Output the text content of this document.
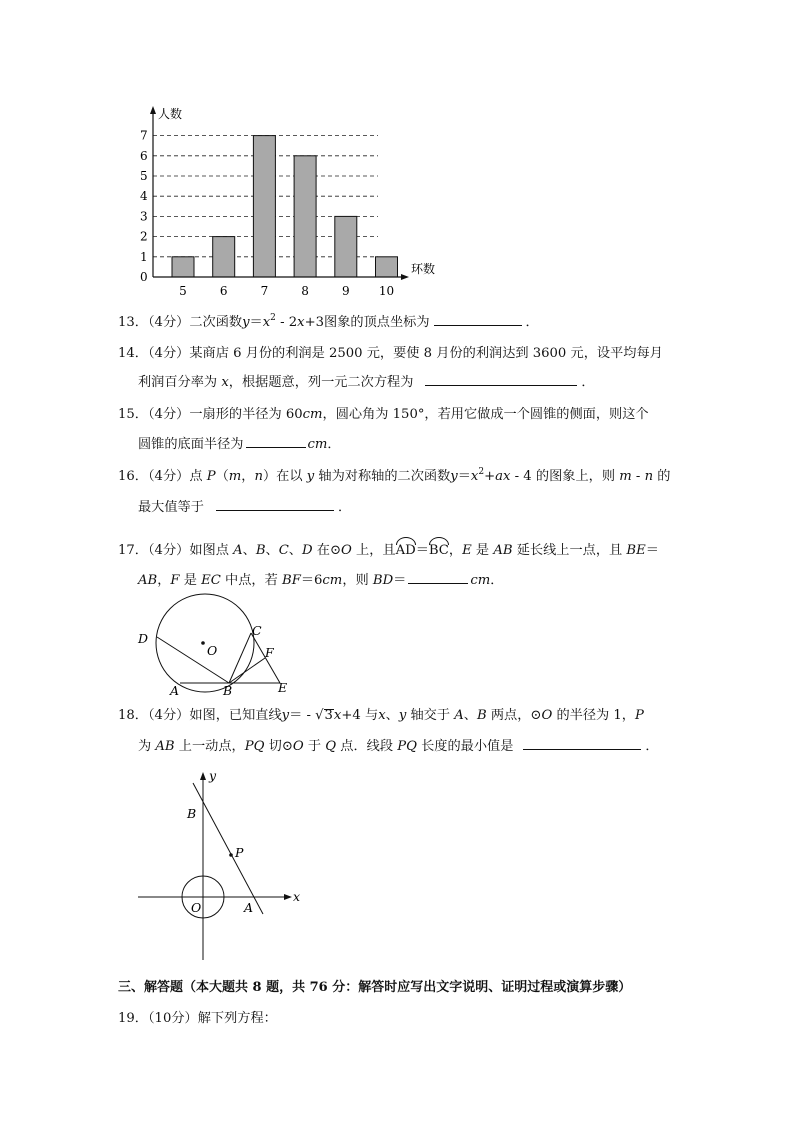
0
1
2
3
4
5
6
7
5	6	7	8	9 10
人数
环数
13．（4分）二次函数$y=x^2 - 2x+3$图象的顶点坐标为	．
14．（4分）某商店 6 月份的利润是 2500 元，要使 8 月份的利润达到 3600 元，设平均每月
利润百分率为 x，根据题意，列一元二次方程为	．
15．（4分）一扇形的半径为 60cm，圆心角为 150°，若用它做成一个圆锥的侧面，则这个
圆锥的底面半径为	cm．
16．（4分）点 P（m，n）在以 y 轴为对称轴的二次函数$y=x^2+ax - 4$ 的图象上，则 m - n 的
最大值等于	．
17．（4分）如图点 A、B、C、D 在⊙O 上，且AD＝BC，E 是 AB 延长线上一点，且 BE＝
AB，F 是 EC 中点，若 BF＝6cm，则 BD＝	cm．
D
O
C
F
A	B	E
18．（4分）如图，已知直线y＝ - √3x+4 与x、y 轴交于 A、B 两点，⊙O 的半径为 1，P
为 AB 上一动点，PQ 切⊙O 于 Q 点．线段 PQ 长度的最小值是	．
y
B
P
O	A
x
三、解答题（本大题共 8 题，共 76 分：解答时应写出文字说明、证明过程或演算步骤）
19．（10分）解下列方程：
